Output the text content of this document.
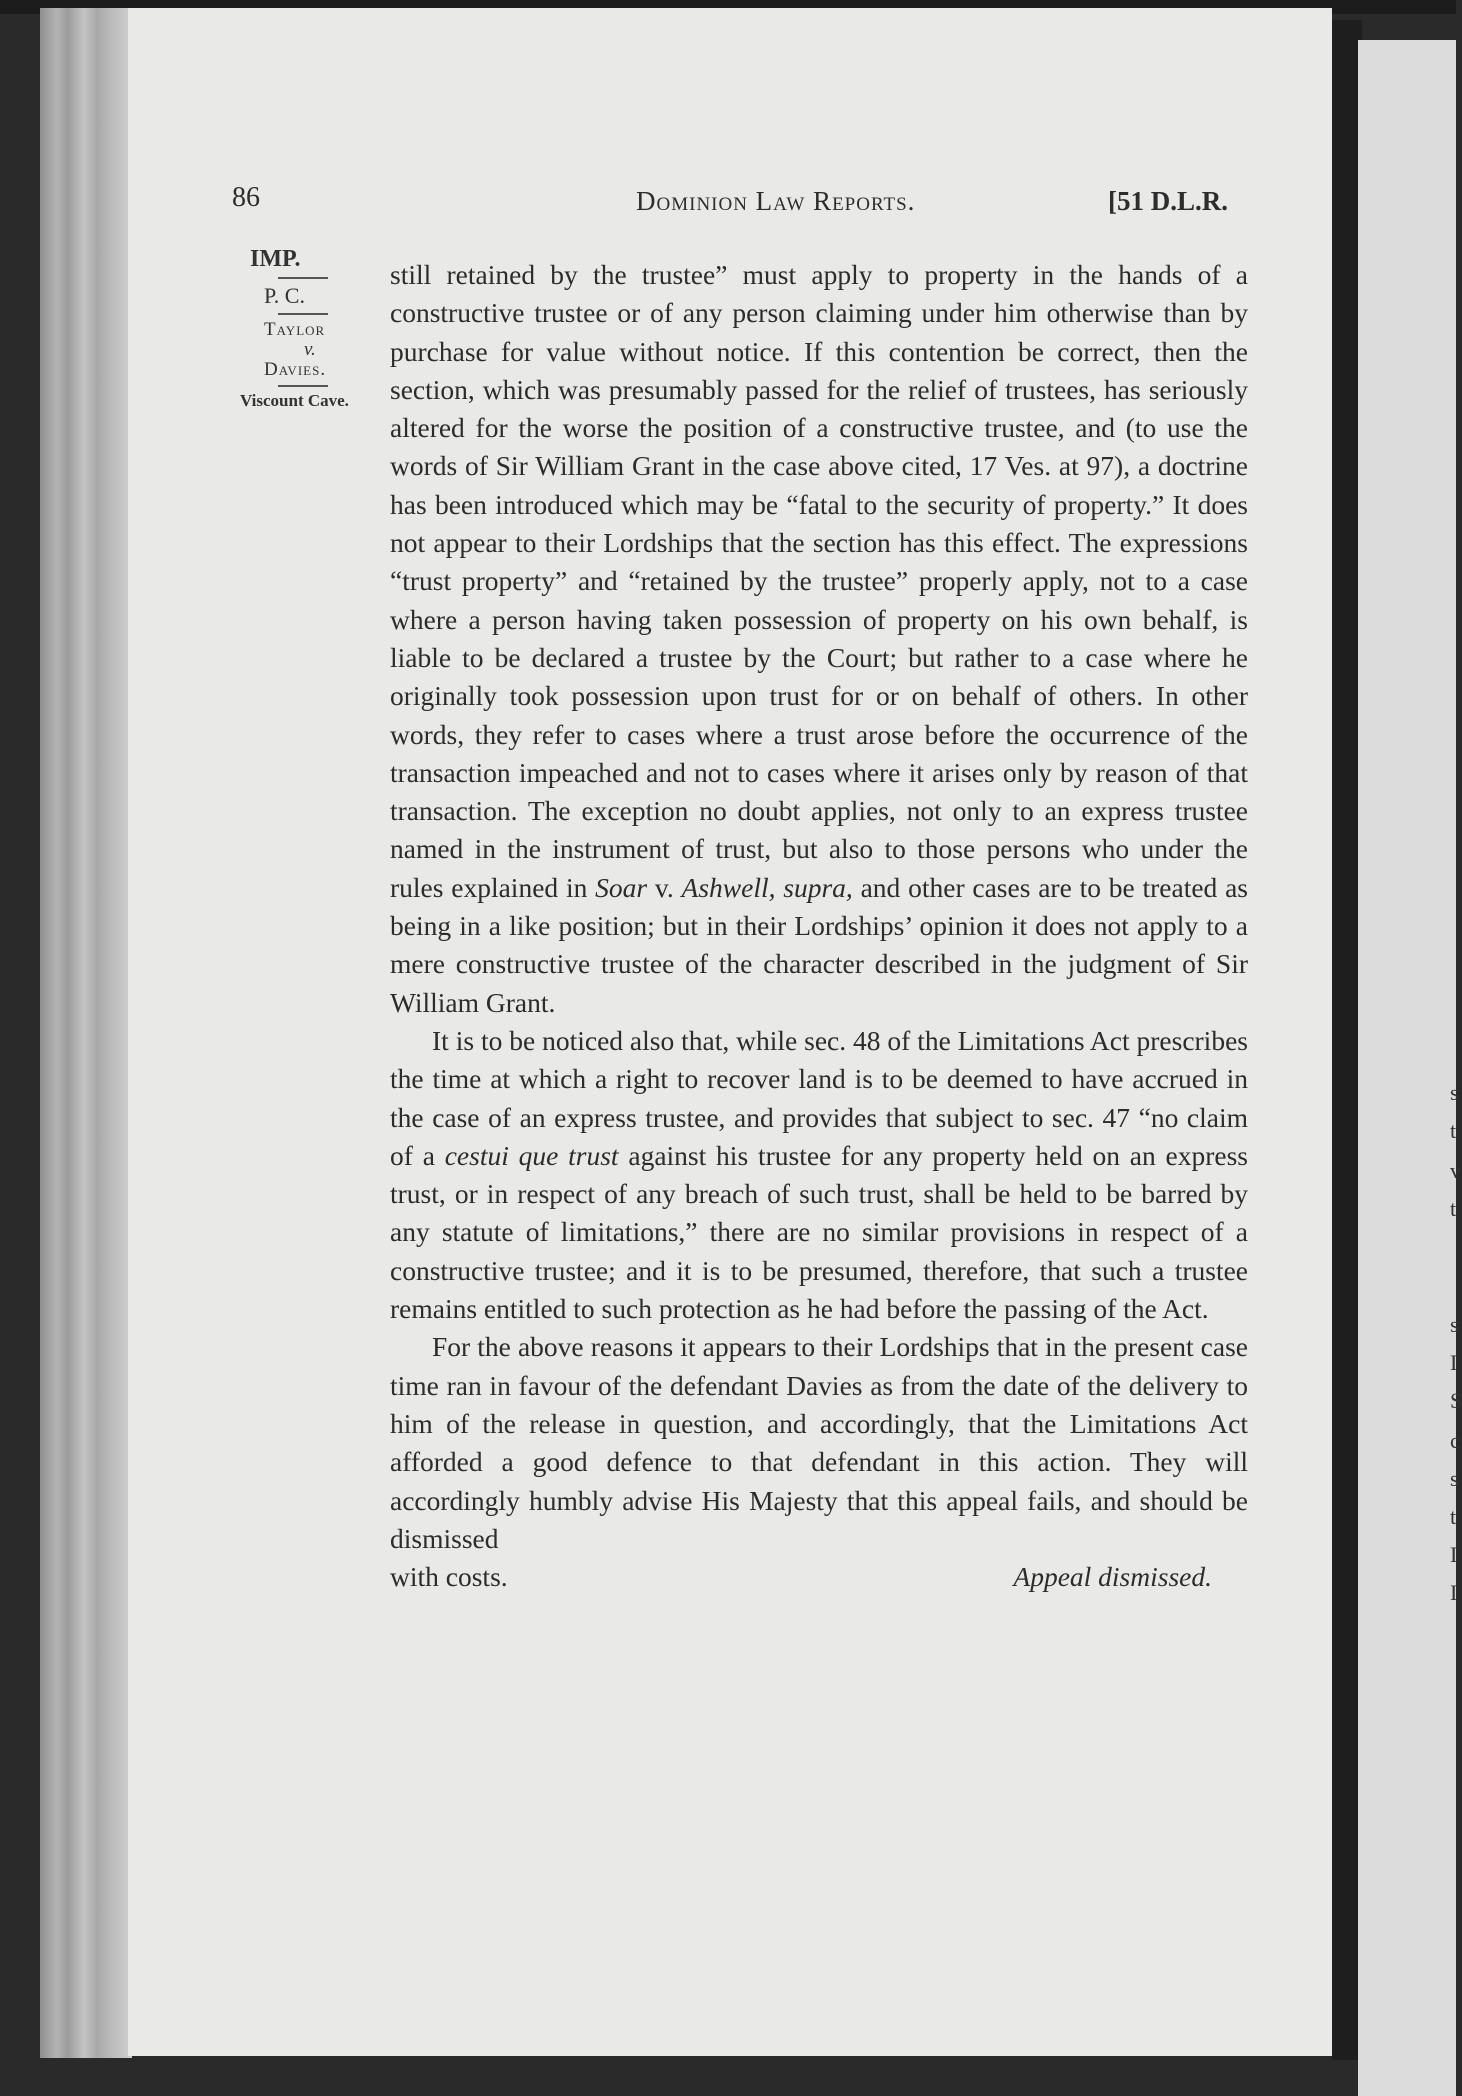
s
t
v
t
s
I
S
c
s
t
I
I
86	Dominion Law Reports.	[51 D.L.R.
IMP.
P. C.
Taylor
v.
Davies.
Viscount Cave.

still retained by the trustee” must apply to property in the hands of a constructive trustee or of any person claiming under him otherwise than by purchase for value without notice. If this contention be correct, then the section, which was presumably passed for the relief of trustees, has seriously altered for the worse the position of a constructive trustee, and (to use the words of Sir William Grant in the case above cited, 17 Ves. at 97), a doctrine has been introduced which may be “fatal to the security of property.” It does not appear to their Lordships that the section has this effect. The expressions “trust property” and “retained by the trustee” properly apply, not to a case where a person having taken possession of property on his own behalf, is liable to be declared a trustee by the Court; but rather to a case where he originally took possession upon trust for or on behalf of others. In other words, they refer to cases where a trust arose before the occurrence of the transaction impeached and not to cases where it arises only by reason of that transaction. The exception no doubt applies, not only to an express trustee named in the instrument of trust, but also to those persons who under the rules explained in Soar v. Ashwell, supra, and other cases are to be treated as being in a like position; but in their Lordships’ opinion it does not apply to a mere constructive trustee of the character described in the judgment of Sir William Grant.

It is to be noticed also that, while sec. 48 of the Limitations Act prescribes the time at which a right to recover land is to be deemed to have accrued in the case of an express trustee, and provides that subject to sec. 47 “no claim of a cestui que trust against his trustee for any property held on an express trust, or in respect of any breach of such trust, shall be held to be barred by any statute of limitations,” there are no similar provisions in respect of a constructive trustee; and it is to be presumed, therefore, that such a trustee remains entitled to such protection as he had before the passing of the Act.

For the above reasons it appears to their Lordships that in the present case time ran in favour of the defendant Davies as from the date of the delivery to him of the release in question, and accordingly, that the Limitations Act afforded a good defence to that defendant in this action. They will accordingly humbly advise His Majesty that this appeal fails, and should be dismissed

with costs.	Appeal dismissed.
